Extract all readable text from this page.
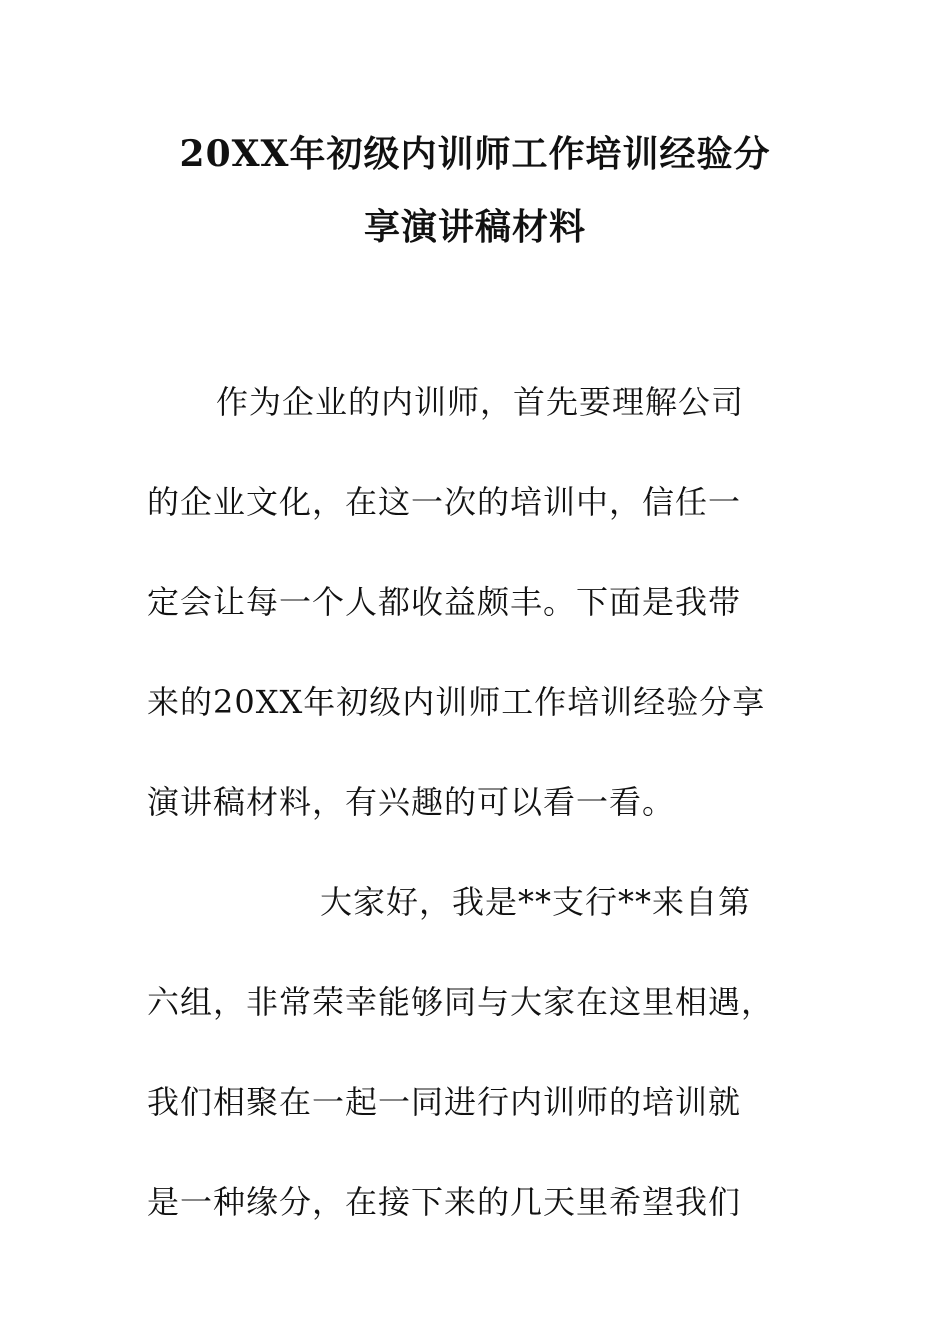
20XX年初级内训师工作培训经验分
享演讲稿材料
作为企业的内训师，首先要理解公司
的企业文化，在这一次的培训中，信任一
定会让每一个人都收益颇丰。下面是我带
来的20XX年初级内训师工作培训经验分享
演讲稿材料，有兴趣的可以看一看。
大家好，我是**支行**来自第
六组，非常荣幸能够同与大家在这里相遇，
我们相聚在一起一同进行内训师的培训就
是一种缘分，在接下来的几天里希望我们
